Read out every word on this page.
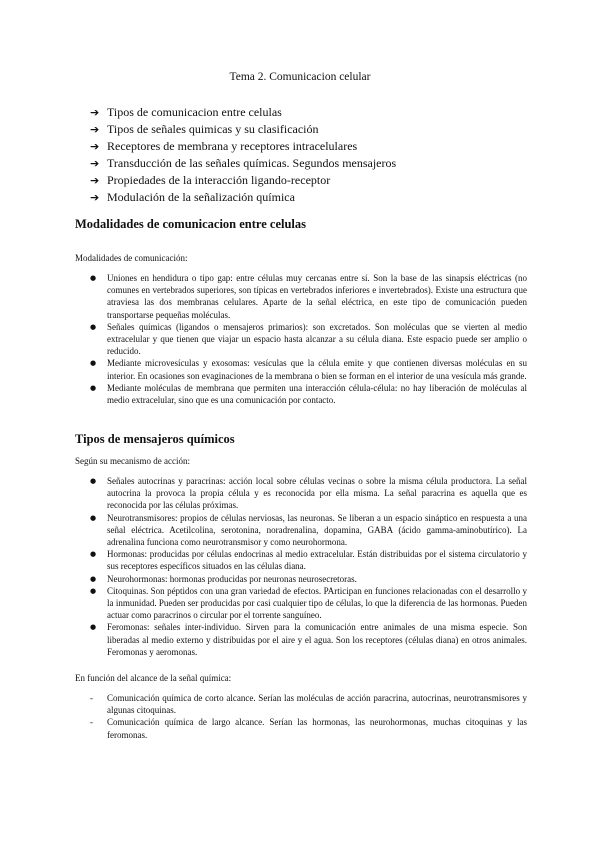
Tema 2. Comunicacion celular
➔ Tipos de comunicacion entre celulas
➔ Tipos de señales quimicas y su clasificación
➔ Receptores de membrana y receptores intracelulares
➔ Transducción de las señales químicas. Segundos mensajeros
➔ Propiedades de la interacción ligando-receptor
➔ Modulación de la señalización química
Modalidades de comunicacion entre celulas
Modalidades de comunicación:
● Uniones en hendidura o tipo gap: entre células muy cercanas entre sí. Son la base de las sinapsis eléctricas (no comunes en vertebrados superiores, son típicas en vertebrados inferiores e invertebrados). Existe una estructura que atraviesa las dos membranas celulares. Aparte de la señal eléctrica, en este tipo de comunicación pueden transportarse pequeñas moléculas.
● Señales químicas (ligandos o mensajeros primarios): son excretados. Son moléculas que se vierten al medio extracelular y que tienen que viajar un espacio hasta alcanzar a su célula diana. Este espacio puede ser amplio o reducido.
● Mediante microvesículas y exosomas: vesículas que la célula emite y que contienen diversas moléculas en su interior. En ocasiones son evaginaciones de la membrana o bien se forman en el interior de una vesícula más grande.
● Mediante moléculas de membrana que permiten una interacción célula-célula: no hay liberación de moléculas al medio extracelular, sino que es una comunicación por contacto.
Tipos de mensajeros químicos
Según su mecanismo de acción:
● Señales autocrinas y paracrinas: acción local sobre células vecinas o sobre la misma célula productora. La señal autocrina la provoca la propia célula y es reconocida por ella misma. La señal paracrina es aquella que es reconocida por las células próximas.
● Neurotransmisores: propios de células nerviosas, las neuronas. Se liberan a un espacio sináptico en respuesta a una señal eléctrica. Acetilcolina, serotonina, noradrenalina, dopamina, GABA (ácido gamma-aminobutírico). La adrenalina funciona como neurotransmisor y como neurohormona.
● Hormonas: producidas por células endocrinas al medio extracelular. Están distribuidas por el sistema circulatorio y sus receptores específicos situados en las células diana.
● Neurohormonas: hormonas producidas por neuronas neurosecretoras.
● Citoquinas. Son péptidos con una gran variedad de efectos. PArticipan en funciones relacionadas con el desarrollo y la inmunidad. Pueden ser producidas por casi cualquier tipo de células, lo que la diferencia de las hormonas. Pueden actuar como paracrinos o circular por el torrente sanguíneo.
● Feromonas: señales inter-individuo. Sirven para la comunicación entre animales de una misma especie. Son liberadas al medio externo y distribuidas por el aire y el agua. Son los receptores (células diana) en otros animales. Feromonas y aeromonas.
En función del alcance de la señal química:
- Comunicación química de corto alcance. Serían las moléculas de acción paracrina, autocrinas, neurotransmisores y algunas citoquinas.
- Comunicación química de largo alcance. Serían las hormonas, las neurohormonas, muchas citoquinas y las feromonas.
